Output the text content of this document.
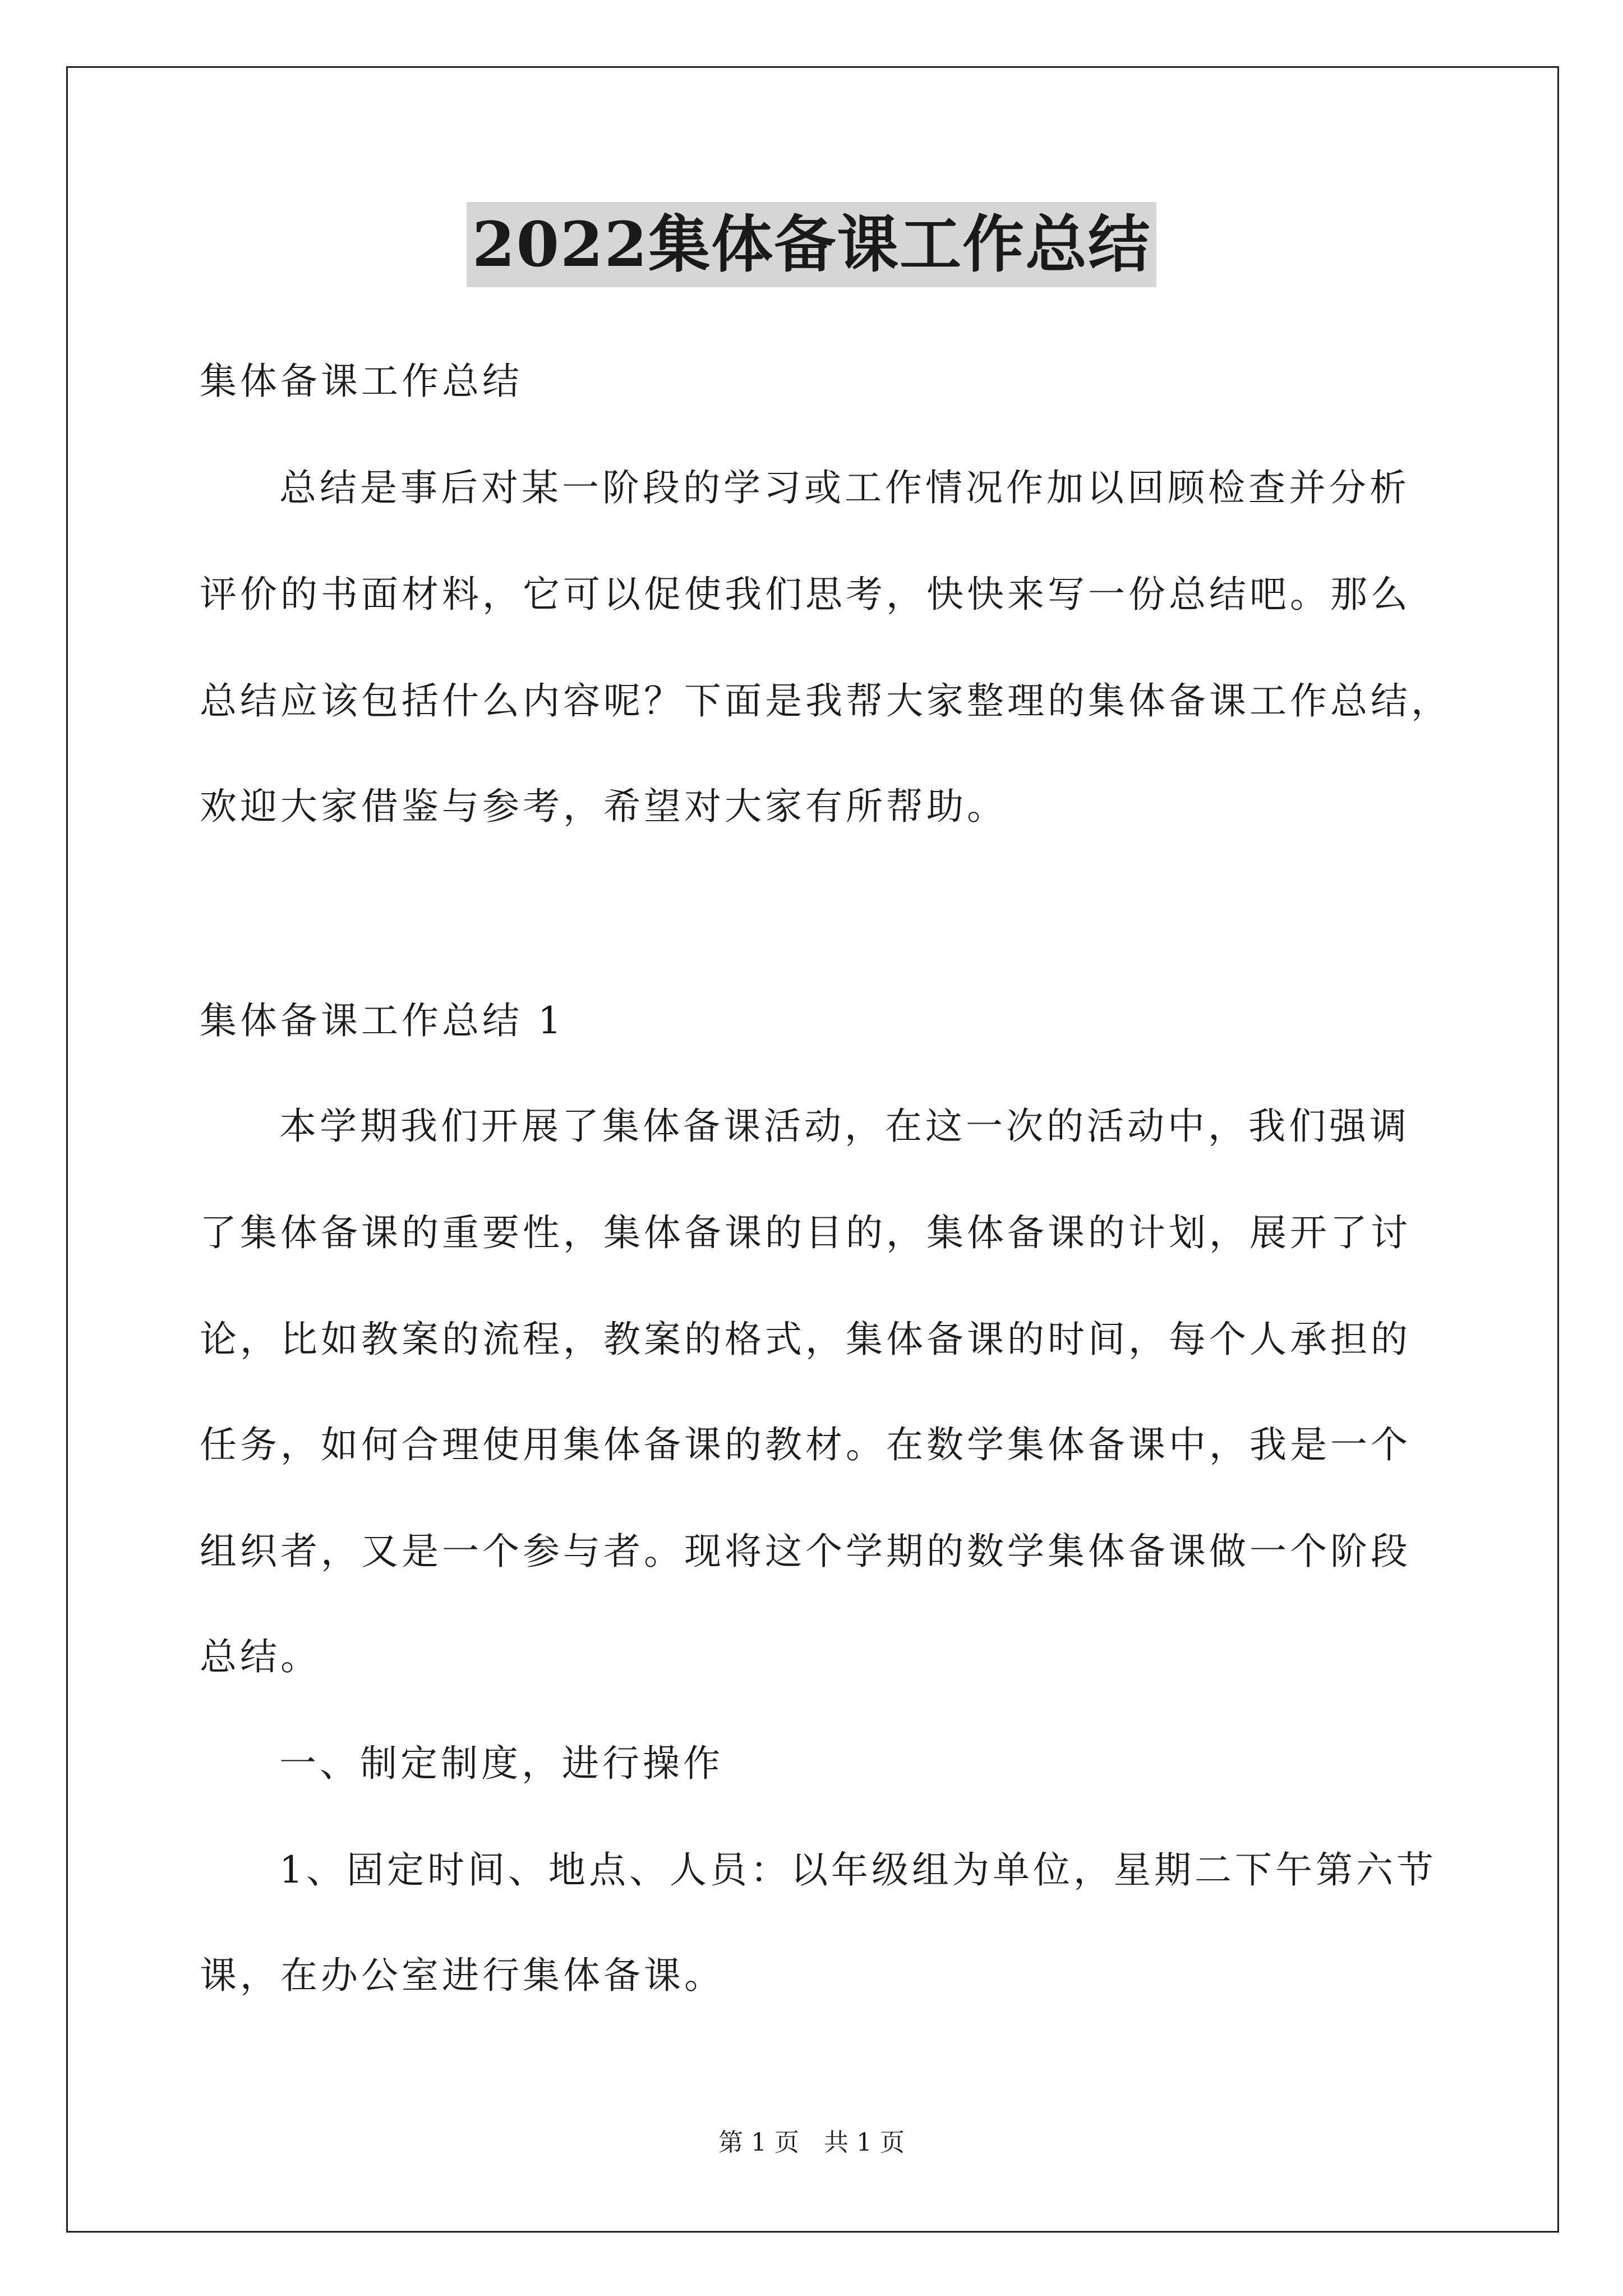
2022集体备课工作总结
集体备课工作总结
总结是事后对某一阶段的学习或工作情况作加以回顾检查并分析
评价的书面材料，它可以促使我们思考，快快来写一份总结吧。那么
总结应该包括什么内容呢？下面是我帮大家整理的集体备课工作总结，
欢迎大家借鉴与参考，希望对大家有所帮助。
集体备课工作总结 1
本学期我们开展了集体备课活动，在这一次的活动中，我们强调
了集体备课的重要性，集体备课的目的，集体备课的计划，展开了讨
论，比如教案的流程，教案的格式，集体备课的时间，每个人承担的
任务，如何合理使用集体备课的教材。在数学集体备课中，我是一个
组织者，又是一个参与者。现将这个学期的数学集体备课做一个阶段
总结。
一、制定制度，进行操作
1、固定时间、地点、人员：以年级组为单位，星期二下午第六节
课，在办公室进行集体备课。
第 1 页　共 1 页
